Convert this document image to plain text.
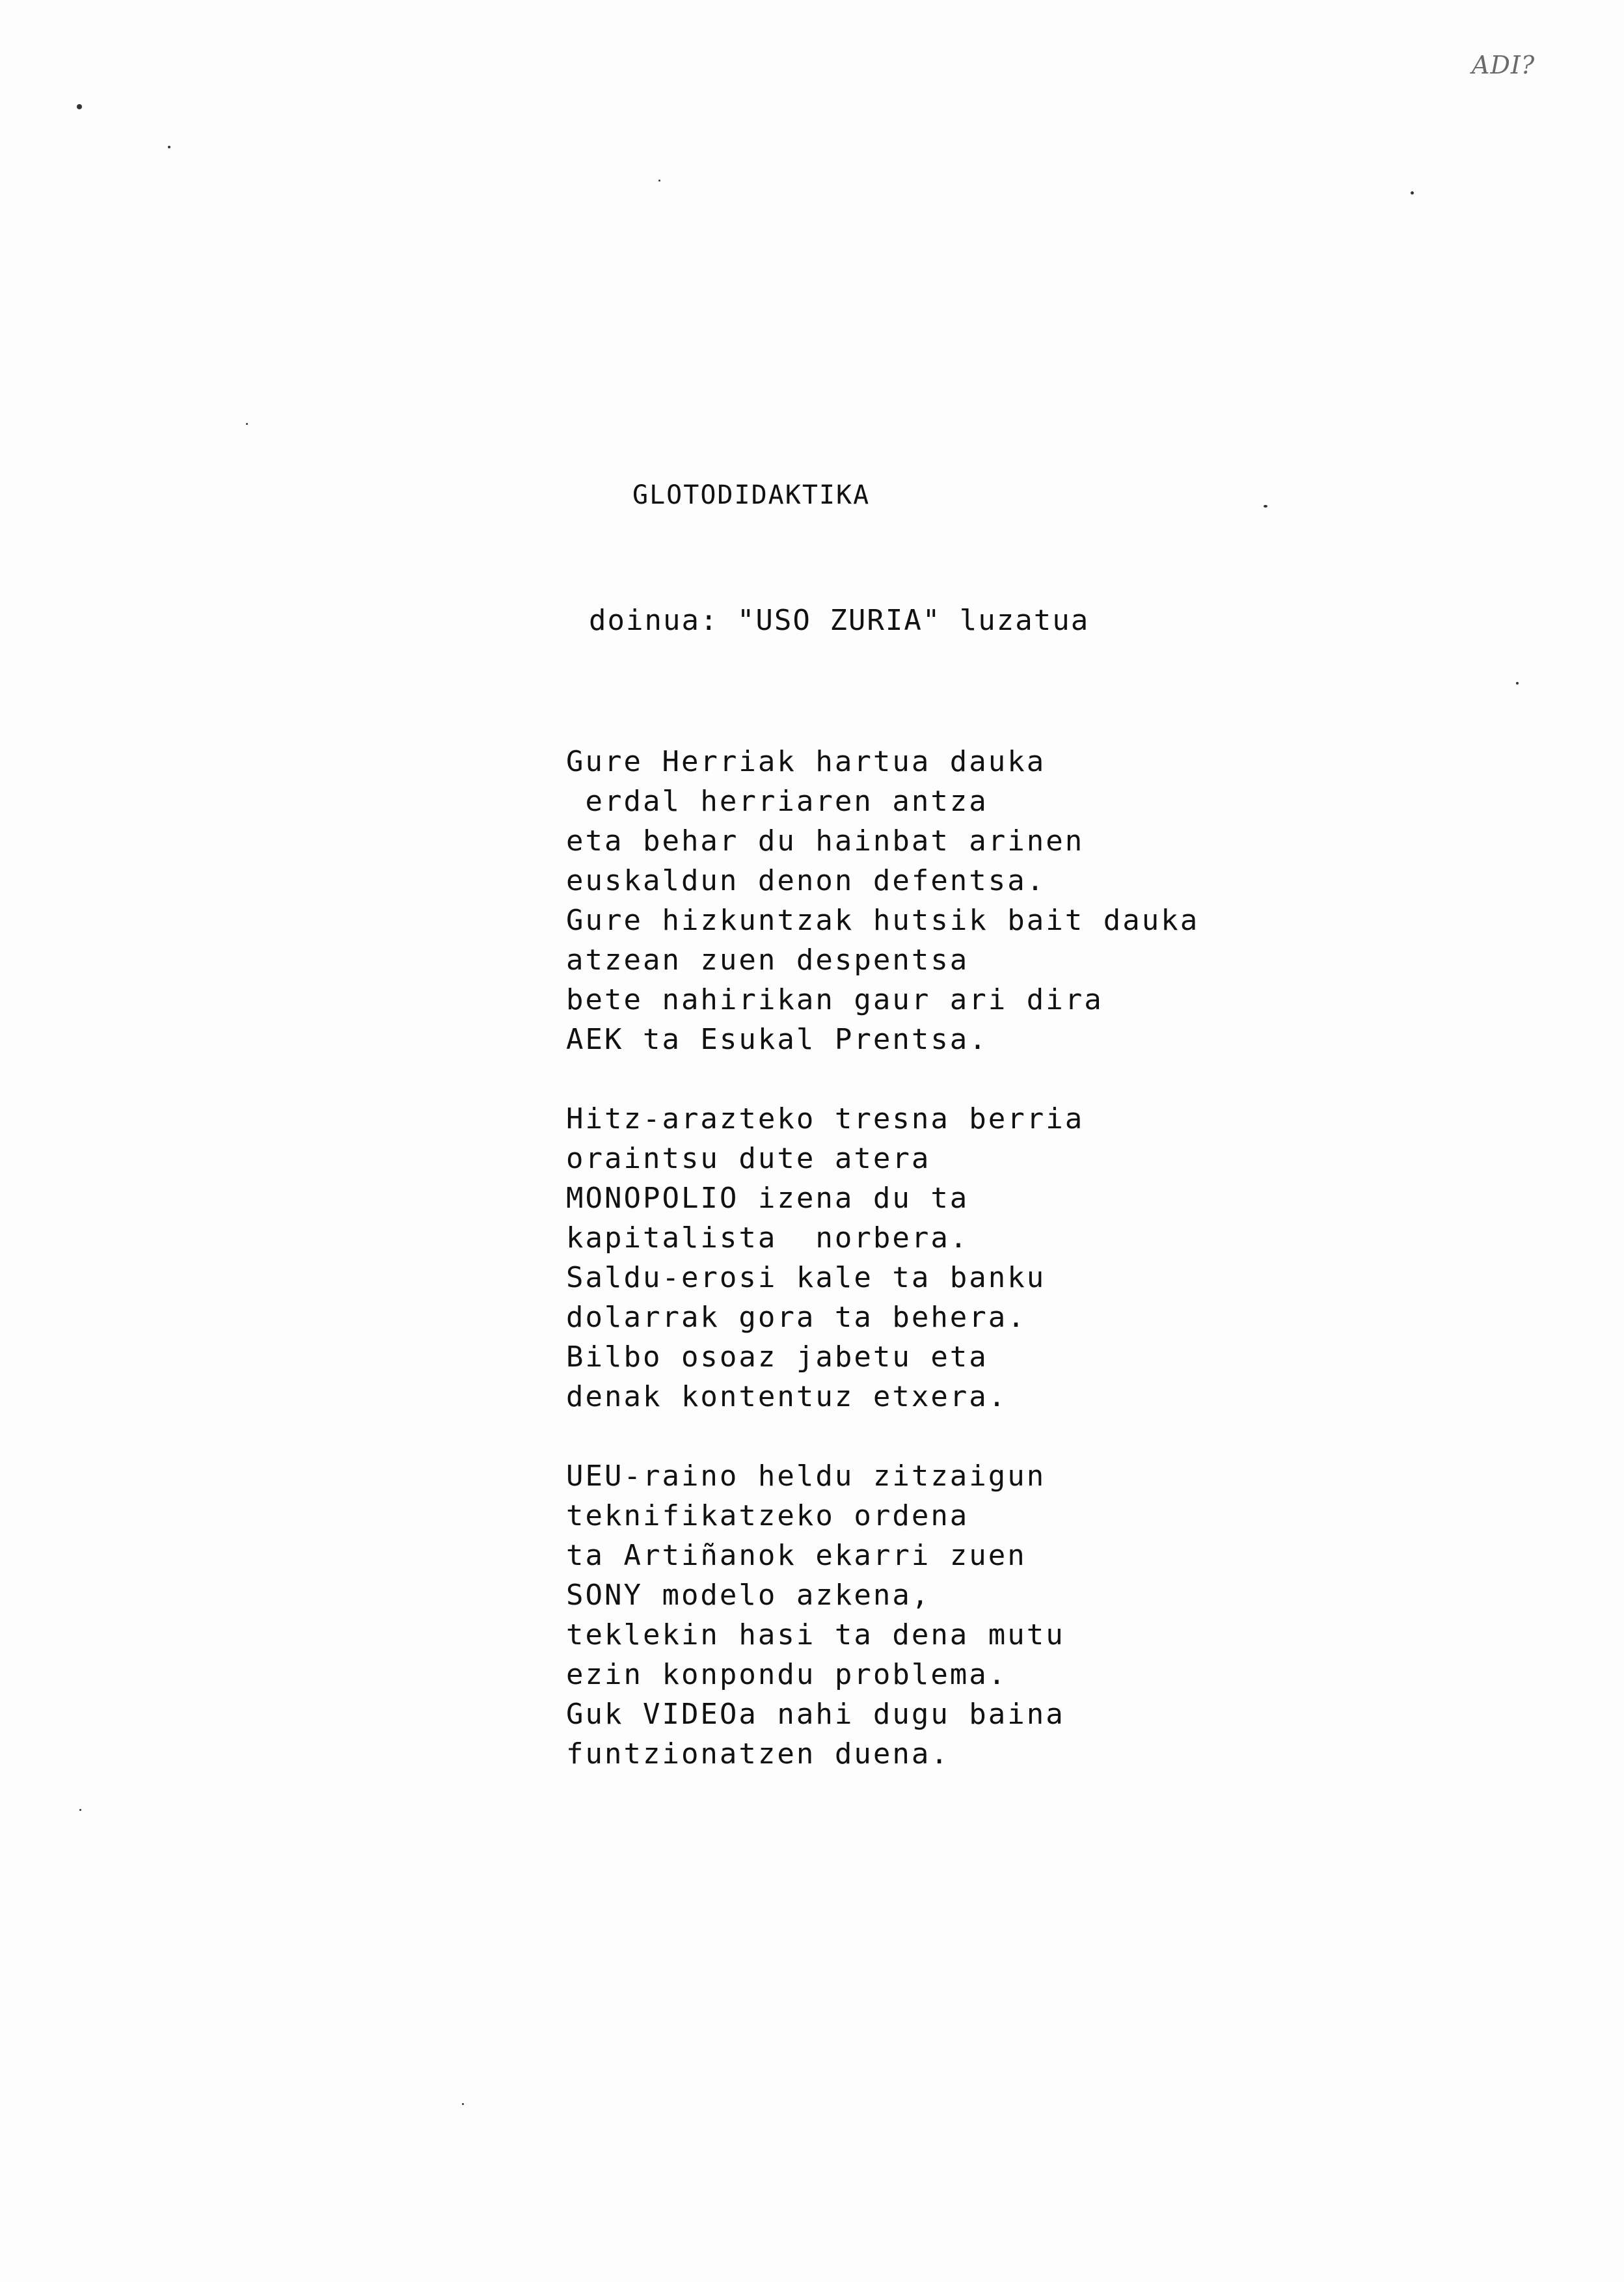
ADI?
GLOTODIDAKTIKA
doinua: "USO ZURIA" luzatua
Gure Herriak hartua dauka
erdal herriaren antza
eta behar du hainbat arinen
euskaldun denon defentsa.
Gure hizkuntzak hutsik bait dauka
atzean zuen despentsa
bete nahirikan gaur ari dira
AEK ta Esukal Prentsa.
Hitz-arazteko tresna berria
oraintsu dute atera
MONOPOLIO izena du ta
kapitalista  norbera.
Saldu-erosi kale ta banku
dolarrak gora ta behera.
Bilbo osoaz jabetu eta
denak kontentuz etxera.
UEU-raino heldu zitzaigun
teknifikatzeko ordena
ta Artiñanok ekarri zuen
SONY modelo azkena,
teklekin hasi ta dena mutu
ezin konpondu problema.
Guk VIDEOa nahi dugu baina
funtzionatzen duena.
